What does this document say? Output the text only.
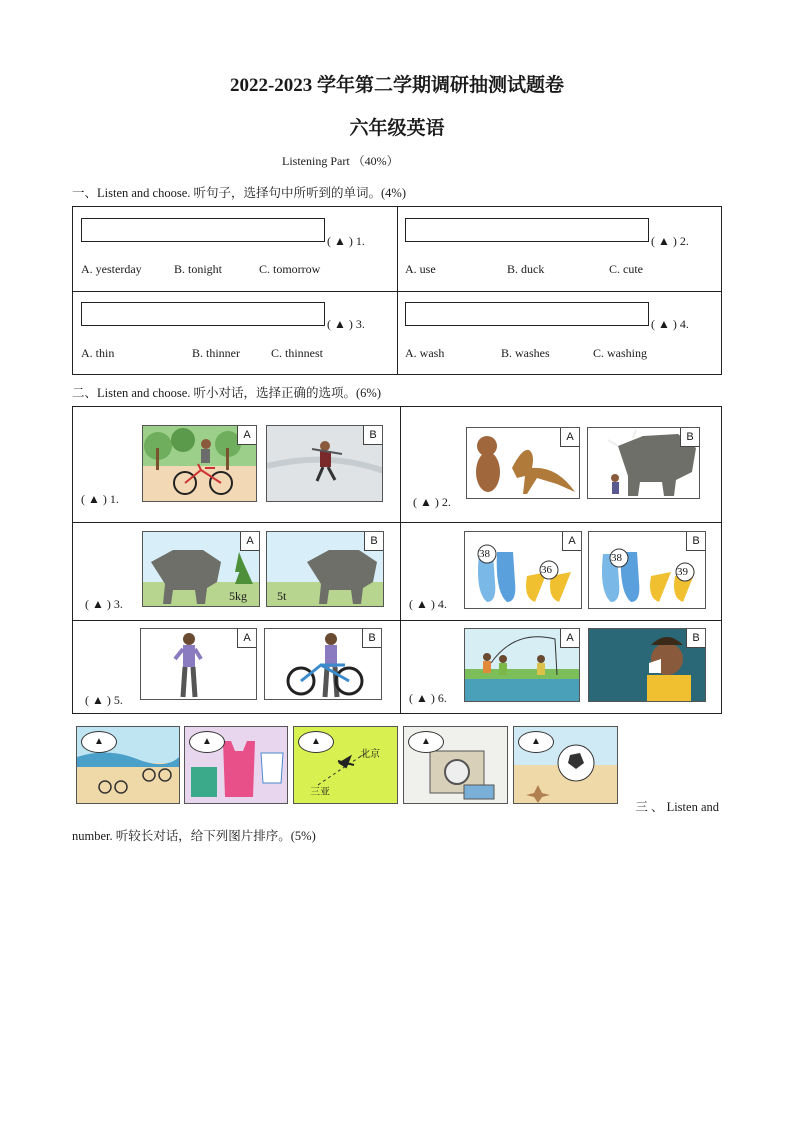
2022-2023 学年第二学期调研抽测试题卷
六年级英语
Listening Part （40%）
一、Listen and choose. 听句子，选择句中所听到的单词。(4%)
( ▲ ) 1.
A. yesterday	B. tonight	C. tomorrow
( ▲ ) 2.
A. use	B. duck	C. cute
( ▲ ) 3.
A. thin	B. thinner	C. thinnest
( ▲ ) 4.
A. wash	B. washes	C. washing
二、Listen and choose. 听小对话，选择正确的选项。(6%)
( ▲ ) 1.
A	B
( ▲ ) 2.
A	B
( ▲ ) 3.
5kg
A
5t
B
( ▲ ) 4.
38
36
A
38
39
B
( ▲ ) 5.
A	B
( ▲ ) 6.
A	B
▲	▲
北京
三亚
▲	▲	▲
三 、 Listen and
number. 听较长对话，给下列图片排序。(5%)
